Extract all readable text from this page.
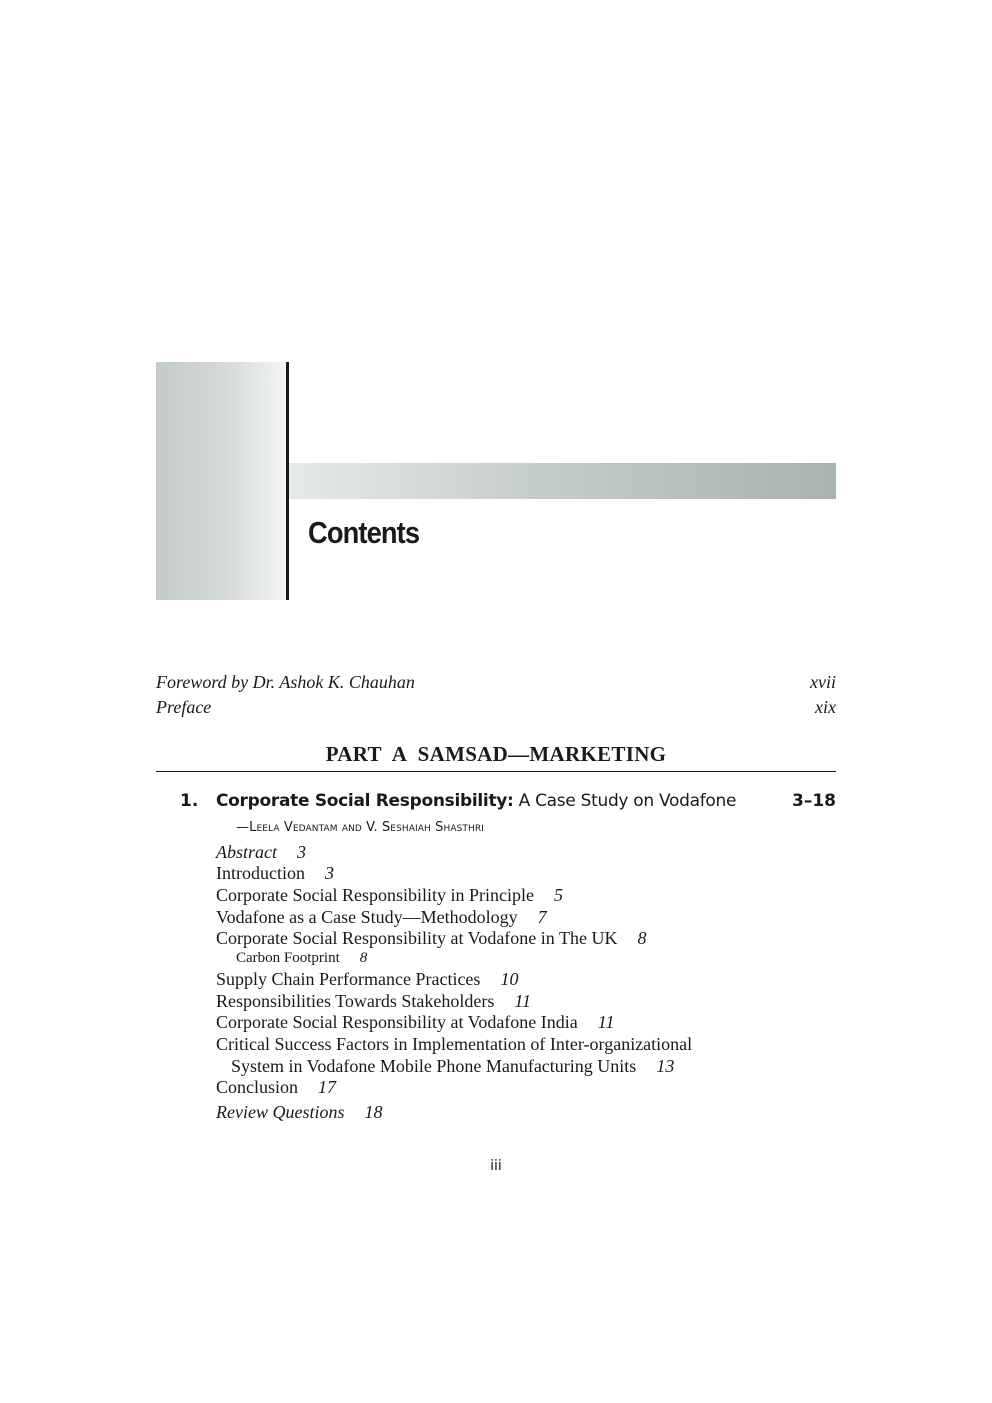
Contents
Foreword by Dr. Ashok K. Chauhan	xvii
Preface	xix
PART A SAMSAD—MARKETING
1. Corporate Social Responsibility: A Case Study on Vodafone	3–18
—Leela Vedantam and V. Seshaiah Shasthri
Abstract 3
Introduction 3
Corporate Social Responsibility in Principle 5
Vodafone as a Case Study—Methodology 7
Corporate Social Responsibility at Vodafone in The UK 8
Carbon Footprint 8
Supply Chain Performance Practices 10
Responsibilities Towards Stakeholders 11
Corporate Social Responsibility at Vodafone India 11
Critical Success Factors in Implementation of Inter-organizational
System in Vodafone Mobile Phone Manufacturing Units 13
Conclusion 17
Review Questions 18
iii
